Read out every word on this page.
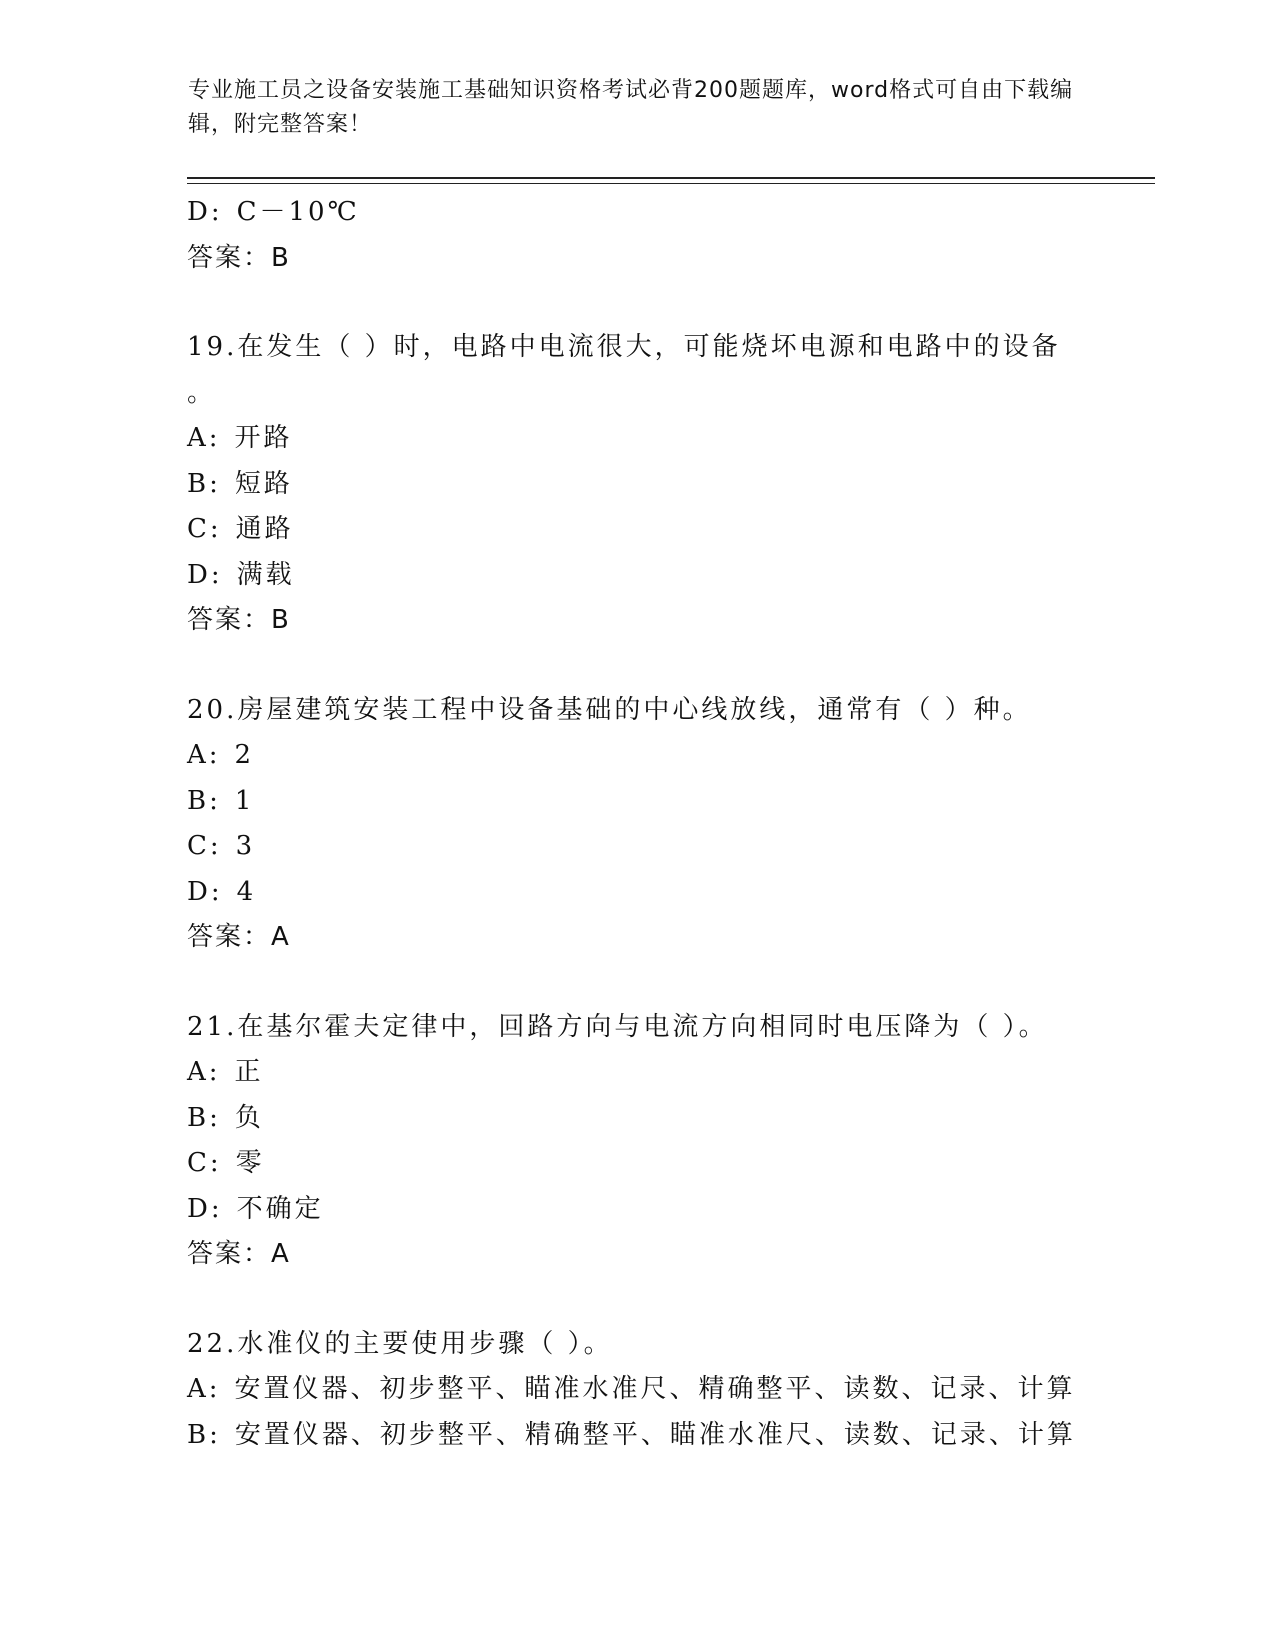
专业施工员之设备安装施工基础知识资格考试必背200题题库，word格式可自由下载编辑，附完整答案！
D: C－10℃
答案：B
19.在发生（ ）时，电路中电流很大，可能烧坏电源和电路中的设备
。
A: 开路
B: 短路
C: 通路
D: 满载
答案：B
20.房屋建筑安装工程中设备基础的中心线放线，通常有（ ）种。
A: 2
B: 1
C: 3
D: 4
答案：A
21.在基尔霍夫定律中，回路方向与电流方向相同时电压降为（ ）。
A: 正
B: 负
C: 零
D: 不确定
答案：A
22.水准仪的主要使用步骤（ ）。
A: 安置仪器、初步整平、瞄准水准尺、精确整平、读数、记录、计算
B: 安置仪器、初步整平、精确整平、瞄准水准尺、读数、记录、计算
